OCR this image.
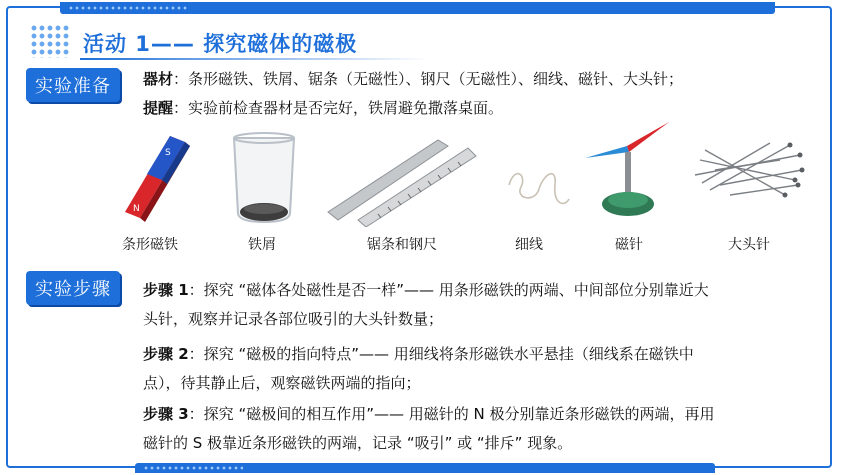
活动 1—— 探究磁体的磁极
实验准备	器材：条形磁铁、铁屑、锯条（无磁性）、钢尺（无磁性）、细线、磁针、大头针；
提醒：实验前检查器材是否完好，铁屑避免撒落桌面。
S
N
条形磁铁	铁屑	锯条和钢尺	细线	磁针	大头针
实验步骤	步骤 1：探究 “磁体各处磁性是否一样”—— 用条形磁铁的两端、中间部位分别靠近大
头针，观察并记录各部位吸引的大头针数量；
步骤 2：探究 “磁极的指向特点”—— 用细线将条形磁铁水平悬挂（细线系在磁铁中
点），待其静止后，观察磁铁两端的指向；
步骤 3：探究 “磁极间的相互作用”—— 用磁针的 N 极分别靠近条形磁铁的两端，再用
磁针的 S 极靠近条形磁铁的两端，记录 “吸引” 或 “排斥” 现象。
